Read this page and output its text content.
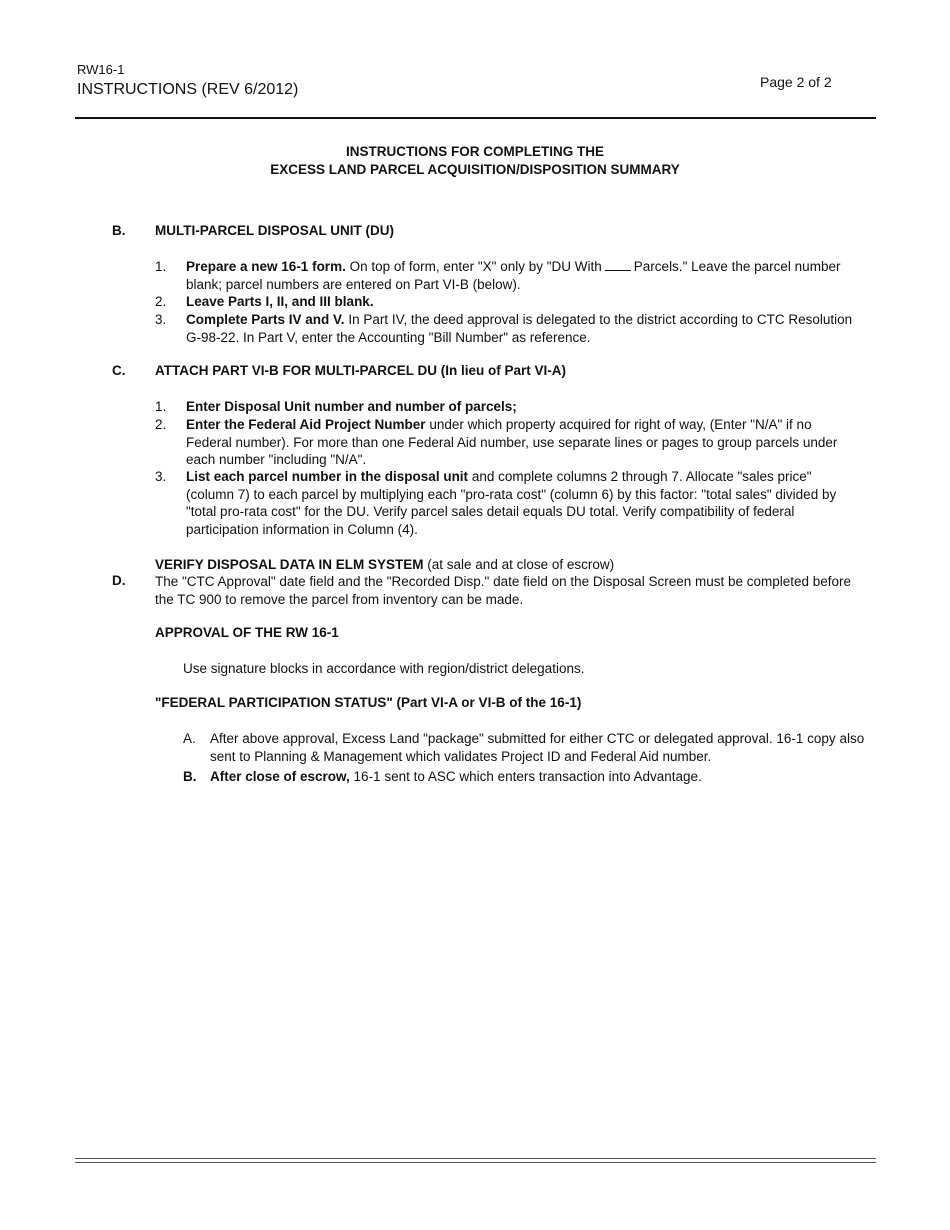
RW16-1
INSTRUCTIONS (REV 6/2012)	Page 2 of 2
INSTRUCTIONS FOR COMPLETING THE
EXCESS LAND PARCEL ACQUISITION/DISPOSITION SUMMARY
B. MULTI-PARCEL DISPOSAL UNIT (DU)
1. Prepare a new 16-1 form. On top of form, enter "X" only by "DU With Parcels." Leave the parcel number blank; parcel numbers are entered on Part VI-B (below).
2. Leave Parts I, II, and III blank.
3. Complete Parts IV and V. In Part IV, the deed approval is delegated to the district according to CTC Resolution G-98-22. In Part V, enter the Accounting "Bill Number" as reference.
C. ATTACH PART VI-B FOR MULTI-PARCEL DU (In lieu of Part VI-A)
1. Enter Disposal Unit number and number of parcels;
2. Enter the Federal Aid Project Number under which property acquired for right of way, (Enter "N/A" if no Federal number). For more than one Federal Aid number, use separate lines or pages to group parcels under each number "including "N/A".
3. List each parcel number in the disposal unit and complete columns 2 through 7. Allocate "sales price" (column 7) to each parcel by multiplying each "pro-rata cost" (column 6) by this factor: "total sales" divided by "total pro-rata cost" for the DU. Verify parcel sales detail equals DU total. Verify compatibility of federal participation information in Column (4).
VERIFY DISPOSAL DATA IN ELM SYSTEM (at sale and at close of escrow)
D. The "CTC Approval" date field and the "Recorded Disp." date field on the Disposal Screen must be completed before the TC 900 to remove the parcel from inventory can be made.
APPROVAL OF THE RW 16-1
Use signature blocks in accordance with region/district delegations.
"FEDERAL PARTICIPATION STATUS" (Part VI-A or VI-B of the 16-1)
A. After above approval, Excess Land "package" submitted for either CTC or delegated approval. 16-1 copy also sent to Planning & Management which validates Project ID and Federal Aid number.
B. After close of escrow, 16-1 sent to ASC which enters transaction into Advantage.
